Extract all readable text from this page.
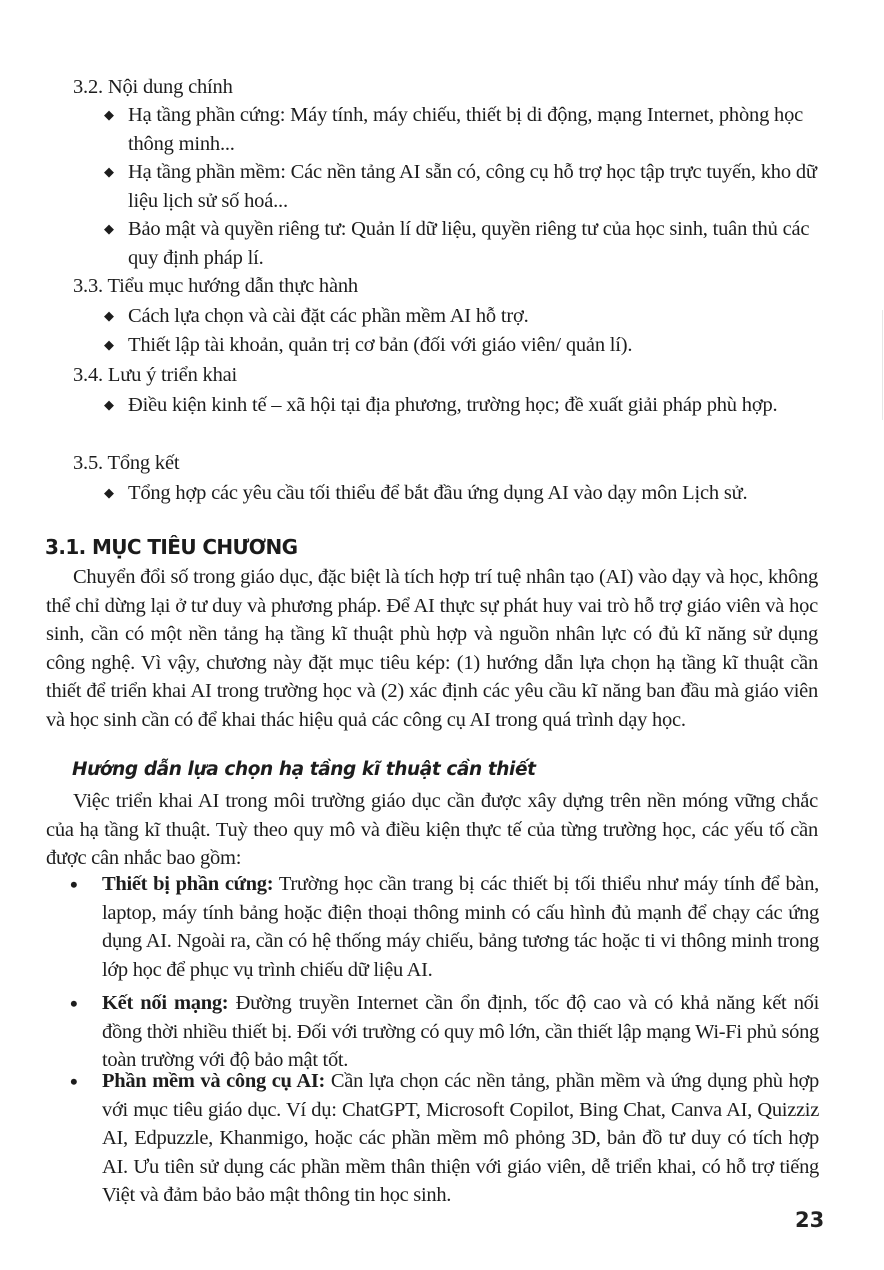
3.2. Nội dung chính
◆ Hạ tầng phần cứng: Máy tính, máy chiếu, thiết bị di động, mạng Internet, phòng học thông minh...
◆ Hạ tầng phần mềm: Các nền tảng AI sẵn có, công cụ hỗ trợ học tập trực tuyến, kho dữ liệu lịch sử số hoá...
◆ Bảo mật và quyền riêng tư: Quản lí dữ liệu, quyền riêng tư của học sinh, tuân thủ các quy định pháp lí.
3.3. Tiểu mục hướng dẫn thực hành
◆ Cách lựa chọn và cài đặt các phần mềm AI hỗ trợ.
◆ Thiết lập tài khoản, quản trị cơ bản (đối với giáo viên/ quản lí).
3.4. Lưu ý triển khai
◆ Điều kiện kinh tế – xã hội tại địa phương, trường học; đề xuất giải pháp phù hợp.
3.5. Tổng kết
◆ Tổng hợp các yêu cầu tối thiểu để bắt đầu ứng dụng AI vào dạy môn Lịch sử.
3.1. MỤC TIÊU CHƯƠNG
Chuyển đổi số trong giáo dục, đặc biệt là tích hợp trí tuệ nhân tạo (AI) vào dạy và học, không thể chỉ dừng lại ở tư duy và phương pháp. Để AI thực sự phát huy vai trò hỗ trợ giáo viên và học sinh, cần có một nền tảng hạ tầng kĩ thuật phù hợp và nguồn nhân lực có đủ kĩ năng sử dụng công nghệ. Vì vậy, chương này đặt mục tiêu kép: (1) hướng dẫn lựa chọn hạ tầng kĩ thuật cần thiết để triển khai AI trong trường học và (2) xác định các yêu cầu kĩ năng ban đầu mà giáo viên và học sinh cần có để khai thác hiệu quả các công cụ AI trong quá trình dạy học.
Hướng dẫn lựa chọn hạ tầng kĩ thuật cần thiết
Việc triển khai AI trong môi trường giáo dục cần được xây dựng trên nền móng vững chắc của hạ tầng kĩ thuật. Tuỳ theo quy mô và điều kiện thực tế của từng trường học, các yếu tố cần được cân nhắc bao gồm:
• Thiết bị phần cứng: Trường học cần trang bị các thiết bị tối thiểu như máy tính để bàn, laptop, máy tính bảng hoặc điện thoại thông minh có cấu hình đủ mạnh để chạy các ứng dụng AI. Ngoài ra, cần có hệ thống máy chiếu, bảng tương tác hoặc ti vi thông minh trong lớp học để phục vụ trình chiếu dữ liệu AI.
• Kết nối mạng: Đường truyền Internet cần ổn định, tốc độ cao và có khả năng kết nối đồng thời nhiều thiết bị. Đối với trường có quy mô lớn, cần thiết lập mạng Wi-Fi phủ sóng toàn trường với độ bảo mật tốt.
• Phần mềm và công cụ AI: Cần lựa chọn các nền tảng, phần mềm và ứng dụng phù hợp với mục tiêu giáo dục. Ví dụ: ChatGPT, Microsoft Copilot, Bing Chat, Canva AI, Quizziz AI, Edpuzzle, Khanmigo, hoặc các phần mềm mô phỏng 3D, bản đồ tư duy có tích hợp AI. Ưu tiên sử dụng các phần mềm thân thiện với giáo viên, dễ triển khai, có hỗ trợ tiếng Việt và đảm bảo bảo mật thông tin học sinh.
23
